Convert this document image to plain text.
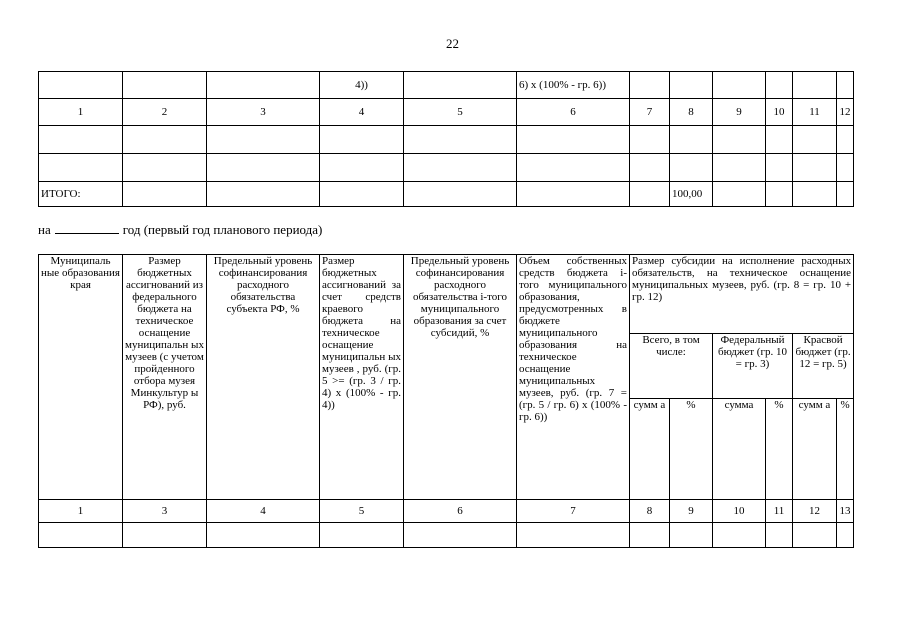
22
			4))		6) х (100% - гр. 6))						
1	2	3	4	5	6	7	8	9	10	11	12

ИТОГО:							100,00				
на	год (первый год планового периода)
Муниципаль ные образования края	Размер бюджетных ассигнований из федерального бюджета на техническое оснащение муниципальн ых музеев (с учетом пройденного отбора музея Минкультур ы РФ), руб.	Предельный уровень софинансирования расходного обязательства субъекта РФ, %	Размер бюджетных ассигнований за счет средств краевого бюджета на техническое оснащение муниципальн ых музеев , руб. (гр. 5 >= (гр. 3 / гр. 4) х (100% - гр. 4))	Предельный уровень софинансирования расходного обязательства i-того муниципального образования за счет субсидий, %	Объем собственных средств бюджета i-того муниципального образования, предусмотренных в бюджете муниципального образования на техническое оснащение муниципальных музеев, руб. (гр. 7 = (гр. 5 / гр. 6) х (100% - гр. 6))	Размер субсидии на исполнение расходных обязательств, на техническое оснащение муниципальных музеев, руб. (гр. 8 = гр. 10 + гр. 12)					
						Всего, в том числе:		Федеральный бюджет (гр. 10 = гр. 3)		Красвой бюджет (гр. 12 = гр. 5)	
						сумм а	%	сумма	%	сумм а	%

1	3	4	5	6	7	8	9	10	11	12	13
